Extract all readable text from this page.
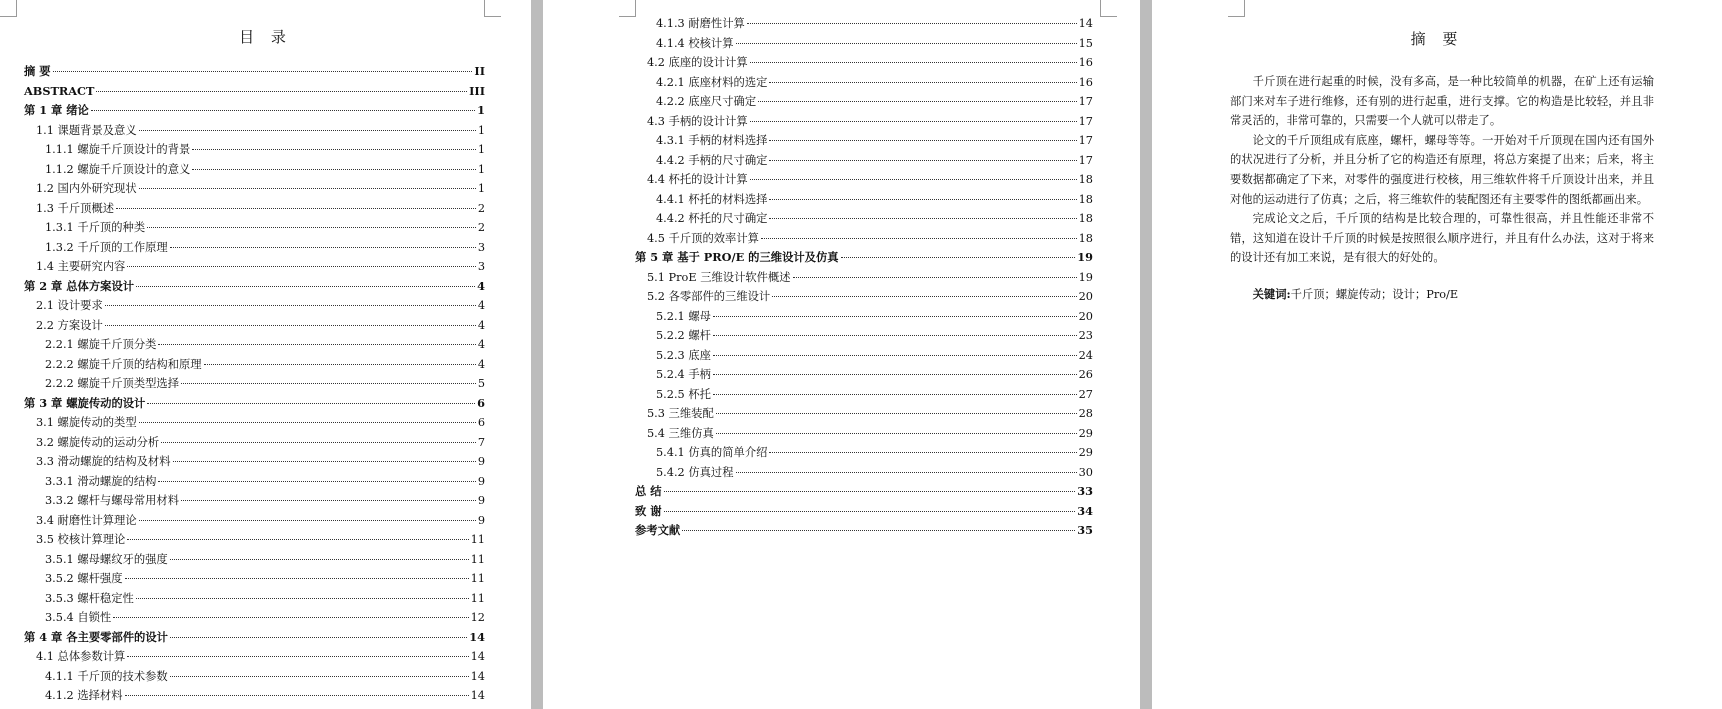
目 录
摘 要	II
ABSTRACT	III
第 1 章 绪论	1
1.1 课题背景及意义	1
1.1.1 螺旋千斤顶设计的背景	1
1.1.2 螺旋千斤顶设计的意义	1
1.2 国内外研究现状	1
1.3 千斤顶概述	2
1.3.1 千斤顶的种类	2
1.3.2 千斤顶的工作原理	3
1.4 主要研究内容	3
第 2 章 总体方案设计	4
2.1 设计要求	4
2.2 方案设计	4
2.2.1 螺旋千斤顶分类	4
2.2.2 螺旋千斤顶的结构和原理	4
2.2.2 螺旋千斤顶类型选择	5
第 3 章 螺旋传动的设计	6
3.1 螺旋传动的类型	6
3.2 螺旋传动的运动分析	7
3.3 滑动螺旋的结构及材料	9
3.3.1 滑动螺旋的结构	9
3.3.2 螺杆与螺母常用材料	9
3.4 耐磨性计算理论	9
3.5 校核计算理论	11
3.5.1 螺母螺纹牙的强度	11
3.5.2 螺杆强度	11
3.5.3 螺杆稳定性	11
3.5.4 自锁性	12
第 4 章 各主要零部件的设计	14
4.1 总体参数计算	14
4.1.1 千斤顶的技术参数	14
4.1.2 选择材料	14
4.1.3 耐磨性计算	14
4.1.4 校核计算	15
4.2 底座的设计计算	16
4.2.1 底座材料的选定	16
4.2.2 底座尺寸确定	17
4.3 手柄的设计计算	17
4.3.1 手柄的材料选择	17
4.4.2 手柄的尺寸确定	17
4.4 杯托的设计计算	18
4.4.1 杯托的材料选择	18
4.4.2 杯托的尺寸确定	18
4.5 千斤顶的效率计算	18
第 5 章 基于 PRO/E 的三维设计及仿真	19
5.1 ProE 三维设计软件概述	19
5.2 各零部件的三维设计	20
5.2.1 螺母	20
5.2.2 螺杆	23
5.2.3 底座	24
5.2.4 手柄	26
5.2.5 杯托	27
5.3 三维装配	28
5.4 三维仿真	29
5.4.1 仿真的简单介绍	29
5.4.2 仿真过程	30
总 结	33
致 谢	34
参考文献	35
摘 要

千斤顶在进行起重的时候，没有多高，是一种比较简单的机器，在矿上还有运输部门来对车子进行维修，还有别的进行起重，进行支撑。它的构造是比较轻，并且非常灵活的，非常可靠的，只需要一个人就可以带走了。

论文的千斤顶组成有底座，螺杆，螺母等等。一开始对千斤顶现在国内还有国外的状况进行了分析，并且分析了它的构造还有原理，将总方案提了出来；后来，将主要数据都确定了下来，对零件的强度进行校核，用三维软件将千斤顶设计出来，并且对他的运动进行了仿真；之后，将三维软件的装配图还有主要零件的图纸都画出来。

完成论文之后，千斤顶的结构是比较合理的，可靠性很高，并且性能还非常不错，这知道在设计千斤顶的时候是按照很么顺序进行，并且有什么办法，这对于将来的设计还有加工来说，是有很大的好处的。

关键词:千斤顶；螺旋传动；设计；Pro/E
